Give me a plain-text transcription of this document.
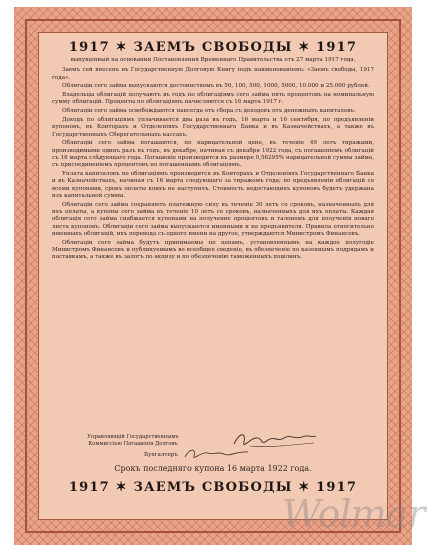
1917 ✶ ЗАЕМЪ СВОБОДЫ ✶ 1917
выпущенный на основании Постановления Временнаго Правительства отъ 27 марта 1917 года.

Заемъ сей внесенъ въ Государственную Долговую Книгу подъ наименованіемъ: «Заемъ свободы, 1917 года».

Облигаціи сего займа выпускаются достоинствомъ въ 50, 100, 500, 1000, 5000, 10.000 и 25.000 рублей.

Владельцы облигацій получаютъ въ годъ по облигаціямъ сего займа пять процентовъ на номинальную сумму облигацій. Проценты по облигаціямъ начисляются съ 16 марта 1917 г.

Облигаціи сего займа освобождаются навсегда отъ сбора съ доходовъ отъ денежныхъ капиталовъ.

Доходъ по облигаціямъ уплачивается два раза въ годъ, 16 марта и 16 сентября, по предъявленіи купоновъ, въ Конторахъ и Отделеніяхъ Государственнаго Банка и въ Казначействахъ, а также въ Государственныхъ Сберегательныхъ кассахъ.

Облигаціи сего займа погашаются, по нарицательной цене, въ теченіе 49 летъ тиражами, производимыми одинъ разъ въ годъ, въ декабре, начиная съ декабря 1922 года, съ погашеніемъ облигацій съ 16 марта слѣдующаго года. Погашеніе производится въ размере 0,56295% нарицательной суммы займа, съ присоединеніемъ процентовъ по погашеннымъ облигаціямъ.

Уплата капиталовъ по облигаціямъ производится въ Конторахъ и Отделеніяхъ Государственнаго Банка и въ Казначействахъ, начиная съ 16 марта следующаго за тиражомъ года; по предъявленіи облигацій со всеми купонами, срокъ оплаты коихъ не наступилъ. Стоимость недостающихъ купоновъ будетъ удержана изъ капитальной суммы.

Облигаціи сего займа сохраняютъ платежную силу въ теченіе 30 летъ со сроковъ, назначенныхъ для ихъ оплаты, а купоны сего займа въ теченіе 10 летъ со сроковъ, назначенныхъ для ихъ оплаты. Каждая облигація сего займа снабжается купонами на получение процентовъ и талономъ для полученія новаго листа купоновъ. Облигаціи сего займа выпускаются именными и на предъявителя. Правила относительно именныхъ облигацій, ихъ перевода съ одного имени на другое, утверждаются Министромъ Финансовъ.

Облигаціи сего займа будутъ принимаемы по ценамъ, установленнымъ на каждое полугодіе Министромъ Финансовъ и публикуемымъ во всеобщее сведеніе, въ обезпеченіе по казеннымъ подрядамъ и поставкамъ, а также въ залогъ по акцизу и по обезпеченію таможенныхъ пошлинъ.

Управляющій Государственнымъ Коммиссіею Погашенія Долговъ
Бухгалтеръ
Срокъ последняго купона 16 марта 1922 года.
1917 ✶ ЗАЕМЪ СВОБОДЫ ✶ 1917
Wolmar
